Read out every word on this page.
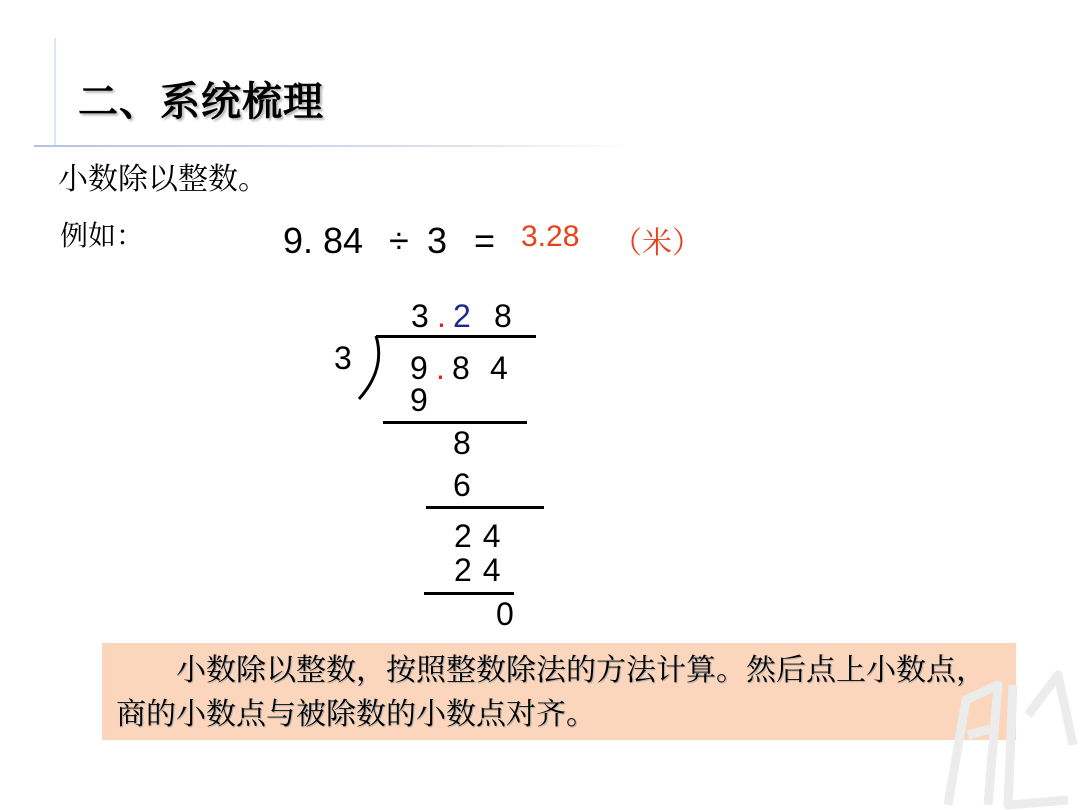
二、系统梳理
小数除以整数。
例如：	9. 84 ÷ 3 = 3.28 （米）
3 . 2 8
3 9 . 8 4
9
8
6
2 4
2 4
0

小数除以整数，按照整数除法的方法计算。然后点上小数点，商的小数点与被除数的小数点对齐。
